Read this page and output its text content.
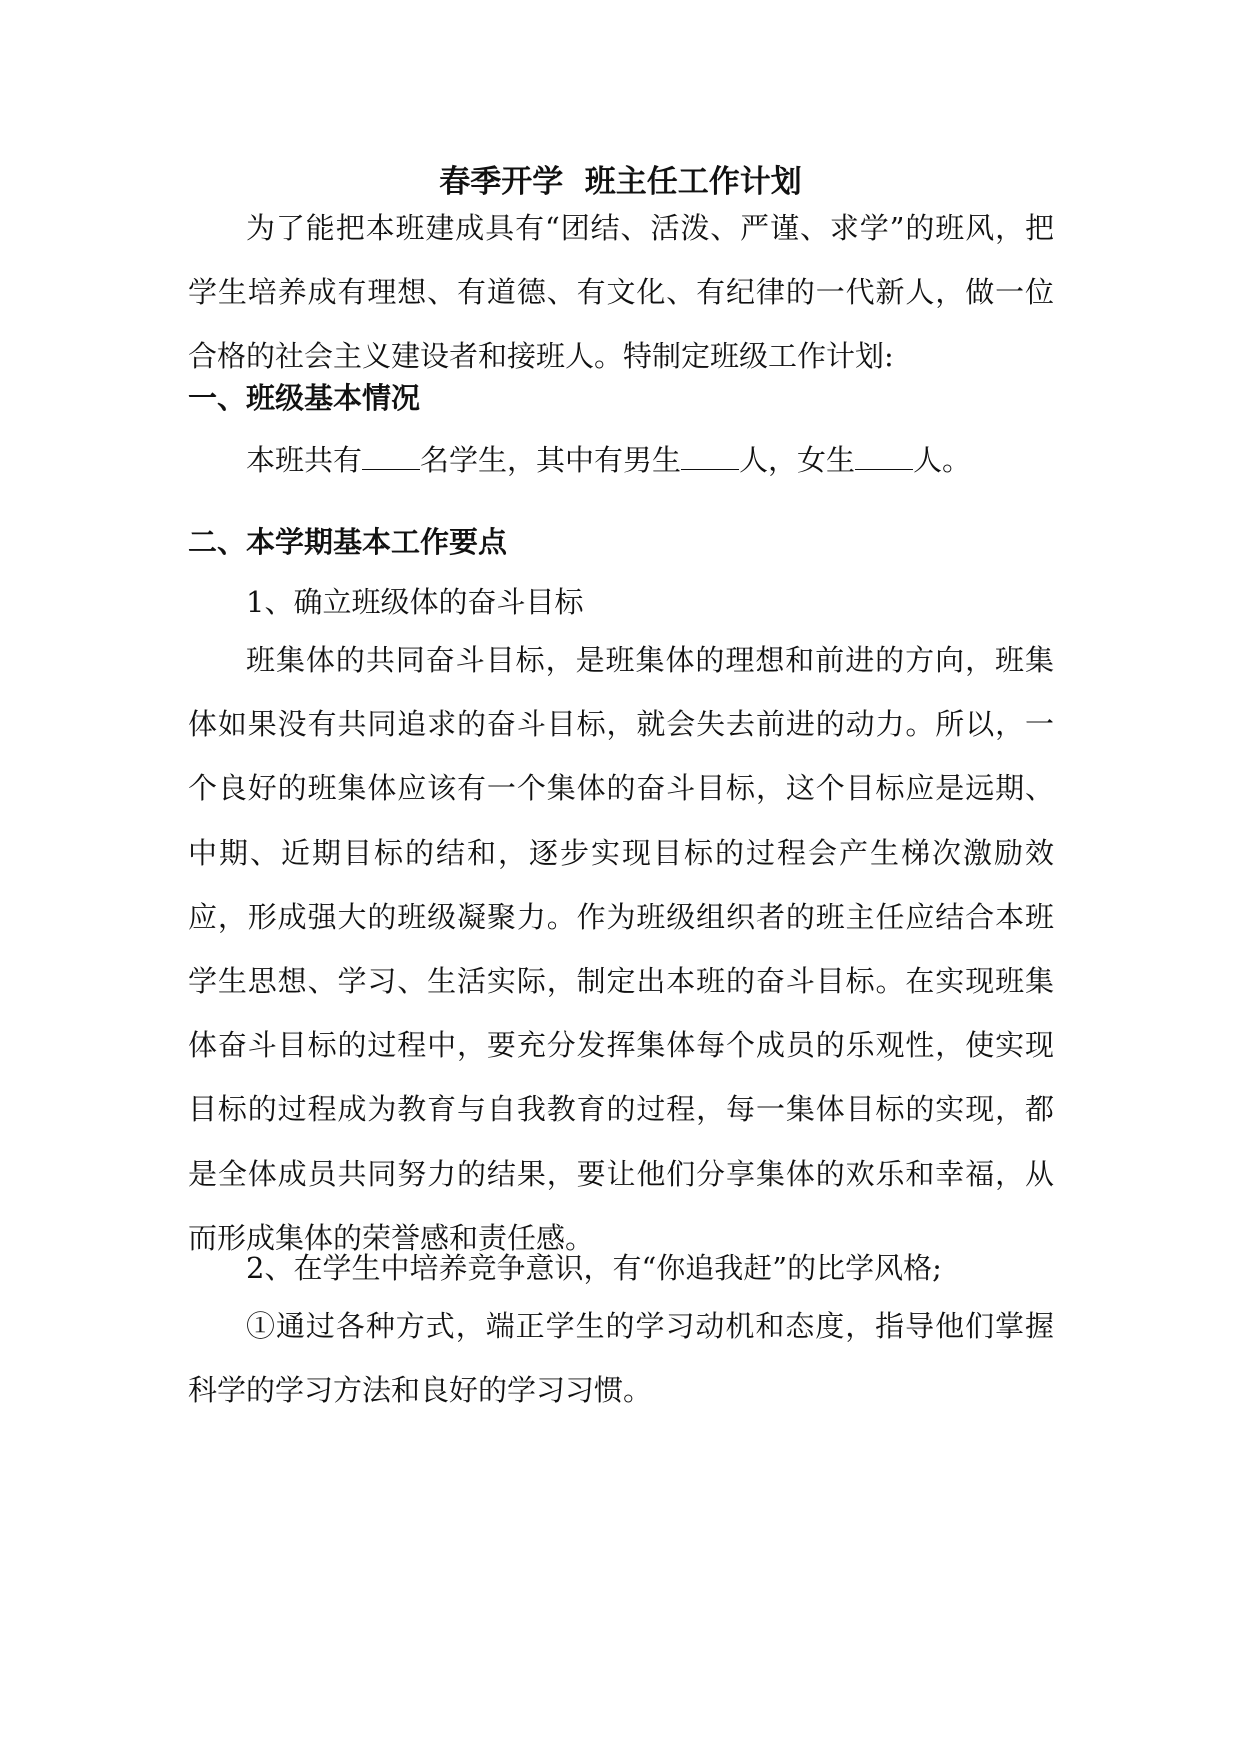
春季开学  班主任工作计划

为了能把本班建成具有“团结、活泼、严谨、求学”的班风，把学生培养成有理想、有道德、有文化、有纪律的一代新人，做一位合格的社会主义建设者和接班人。特制定班级工作计划:

一、班级基本情况

本班共有 名学生，其中有男生 人，女生 人。

二、本学期基本工作要点

1、确立班级体的奋斗目标

班集体的共同奋斗目标，是班集体的理想和前进的方向，班集体如果没有共同追求的奋斗目标，就会失去前进的动力。所以，一个良好的班集体应该有一个集体的奋斗目标，这个目标应是远期、中期、近期目标的结和，逐步实现目标的过程会产生梯次激励效应，形成强大的班级凝聚力。作为班级组织者的班主任应结合本班学生思想、学习、生活实际，制定出本班的奋斗目标。在实现班集体奋斗目标的过程中，要充分发挥集体每个成员的乐观性，使实现目标的过程成为教育与自我教育的过程，每一集体目标的实现，都是全体成员共同努力的结果，要让他们分享集体的欢乐和幸福，从而形成集体的荣誉感和责任感。

2、在学生中培养竞争意识，有“你追我赶”的比学风格;

①通过各种方式，端正学生的学习动机和态度，指导他们掌握科学的学习方法和良好的学习习惯。
